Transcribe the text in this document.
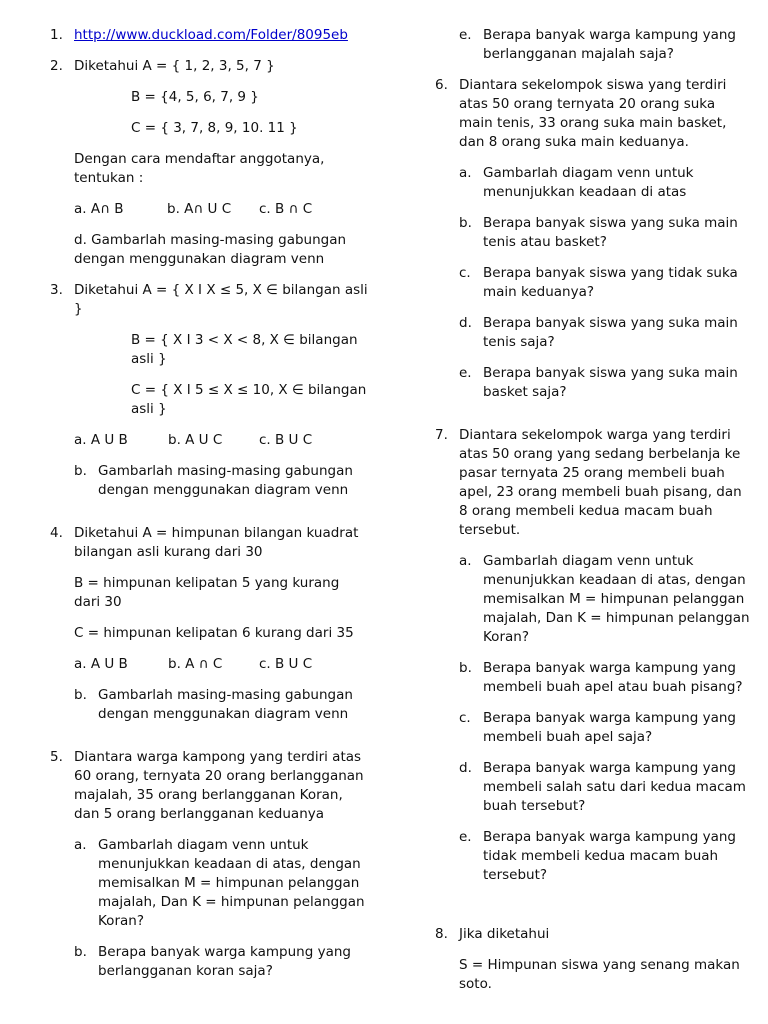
1. http://www.duckload.com/Folder/8095eb
2. Diketahui A = { 1, 2, 3, 5, 7 }

B = {4, 5, 6, 7, 9 }

C = { 3, 7, 8, 9, 10. 11 }

Dengan cara mendaftar anggotanya, tentukan :

a. A∩ B	b. A∩ U C	c. B ∩ C

d. Gambarlah masing-masing gabungan dengan menggunakan diagram venn

3. Diketahui A = { X I X ≤ 5, X ∈ bilangan asli }

B = { X I 3 < X < 8, X ∈ bilangan asli }

C = { X I 5 ≤ X ≤ 10, X ∈ bilangan asli }

a. A U B	b. A U C	c. B U C

b. Gambarlah masing-masing gabungan dengan menggunakan diagram venn
4. Diketahui A = himpunan bilangan kuadrat bilangan asli kurang dari 30

B = himpunan kelipatan 5 yang kurang dari 30

C = himpunan kelipatan 6 kurang dari 35

a. A U B	b. A ∩ C	c. B U C

b. Gambarlah masing-masing gabungan dengan menggunakan diagram venn
5. Diantara warga kampong yang terdiri atas 60 orang, ternyata 20 orang berlangganan majalah, 35 orang berlangganan Koran, dan 5 orang berlangganan keduanya

a. Gambarlah diagam venn untuk menunjukkan keadaan di atas, dengan memisalkan M = himpunan pelanggan majalah, Dan K = himpunan pelanggan Koran?
b. Berapa banyak warga kampung yang berlangganan koran saja?
e. Berapa banyak warga kampung yang berlangganan majalah saja?
6. Diantara sekelompok siswa yang terdiri atas 50 orang ternyata 20 orang suka main tenis, 33 orang suka main basket, dan 8 orang suka main keduanya.

a. Gambarlah diagam venn untuk menunjukkan keadaan di atas
b. Berapa banyak siswa yang suka main tenis atau basket?
c. Berapa banyak siswa yang tidak suka main keduanya?
d. Berapa banyak siswa yang suka main tenis saja?
e. Berapa banyak siswa yang suka main basket saja?
7. Diantara sekelompok warga yang terdiri atas 50 orang yang sedang berbelanja ke pasar ternyata 25 orang membeli buah apel, 23 orang membeli buah pisang, dan 8 orang membeli kedua macam buah tersebut.

a. Gambarlah diagam venn untuk menunjukkan keadaan di atas, dengan memisalkan M = himpunan pelanggan majalah, Dan K = himpunan pelanggan Koran?
b. Berapa banyak warga kampung yang membeli buah apel atau buah pisang?
c. Berapa banyak warga kampung yang membeli buah apel saja?
d. Berapa banyak warga kampung yang membeli salah satu dari kedua macam buah tersebut?
e. Berapa banyak warga kampung yang tidak membeli kedua macam buah tersebut?
8. Jika diketahui

S = Himpunan siswa yang senang makan soto.
